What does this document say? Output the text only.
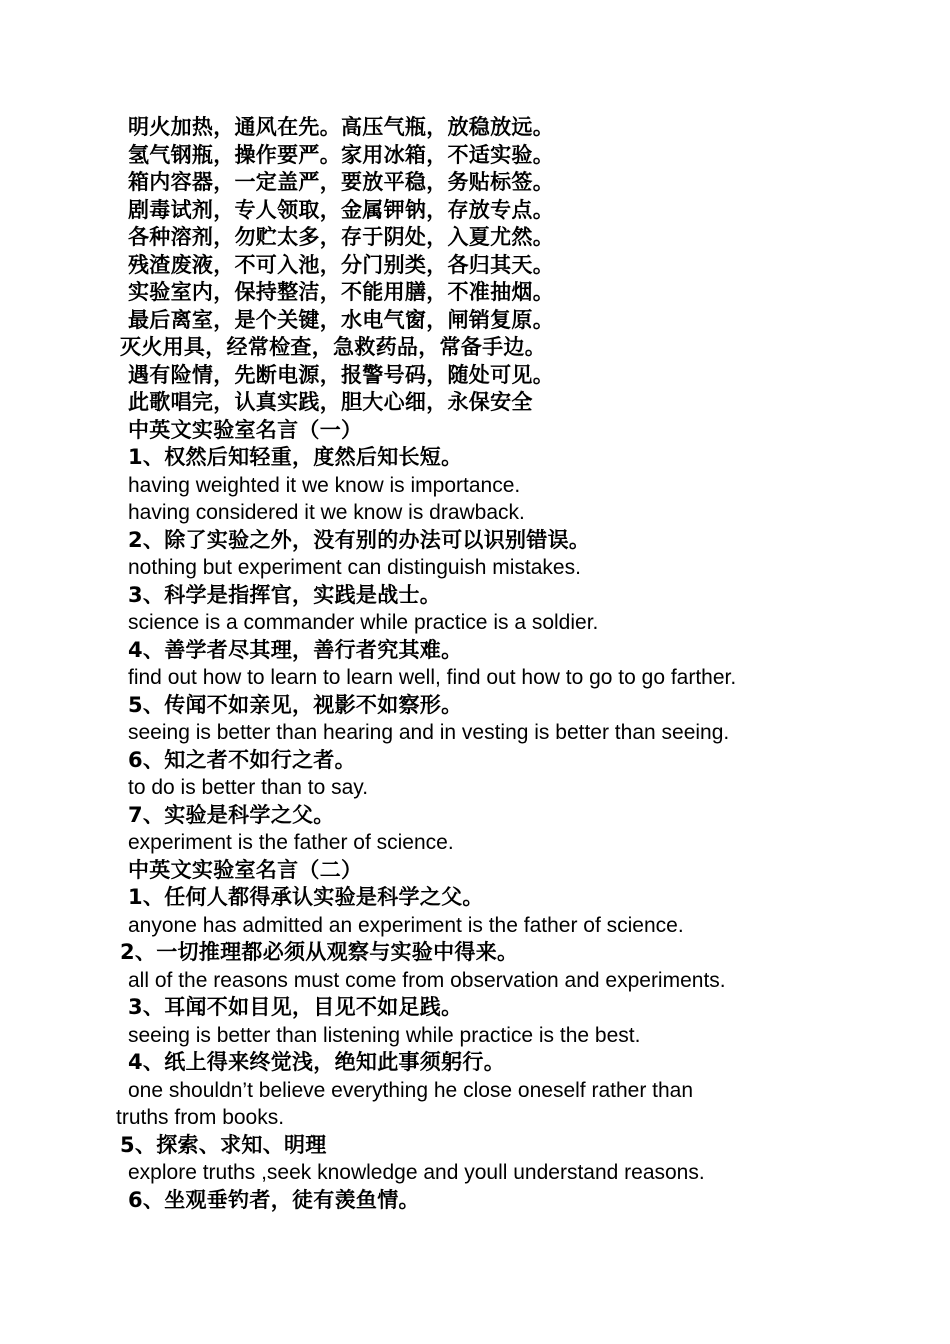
明火加热，通风在先。高压气瓶，放稳放远。
氢气钢瓶，操作要严。家用冰箱，不适实验。
箱内容器，一定盖严，要放平稳，务贴标签。
剧毒试剂，专人领取，金属钾钠，存放专点。
各种溶剂，勿贮太多，存于阴处，入夏尤然。
残渣废液，不可入池，分门别类，各归其天。
实验室内，保持整洁，不能用膳，不准抽烟。
最后离室，是个关键，水电气窗，闸销复原。
灭火用具，经常检查，急救药品，常备手边。
遇有险情，先断电源，报警号码，随处可见。
此歌唱完，认真实践，胆大心细，永保安全
中英文实验室名言（一）
1、权然后知轻重，度然后知长短。
having weighted it we know is importance.
having considered it we know is drawback.
2、除了实验之外，没有别的办法可以识别错误。
nothing but experiment can distinguish mistakes.
3、科学是指挥官，实践是战士。
science is a commander while practice is a soldier.
4、善学者尽其理，善行者究其难。
find out how to learn to learn well, find out how to go to go farther.
5、传闻不如亲见，视影不如察形。
seeing is better than hearing and in vesting is better than seeing.
6、知之者不如行之者。
to do is better than to say.
7、实验是科学之父。
experiment is the father of science.
中英文实验室名言（二）
1、任何人都得承认实验是科学之父。
anyone has admitted an experiment is the father of science.
2、一切推理都必须从观察与实验中得来。
all of the reasons must come from observation and experiments.
3、耳闻不如目见，目见不如足践。
seeing is better than listening while practice is the best.
4、纸上得来终觉浅，绝知此事须躬行。
one shouldn’t believe everything he close oneself rather than
truths from books.
5、探索、求知、明理
explore truths ,seek knowledge and youll understand reasons.
6、坐观垂钓者，徒有羡鱼情。
